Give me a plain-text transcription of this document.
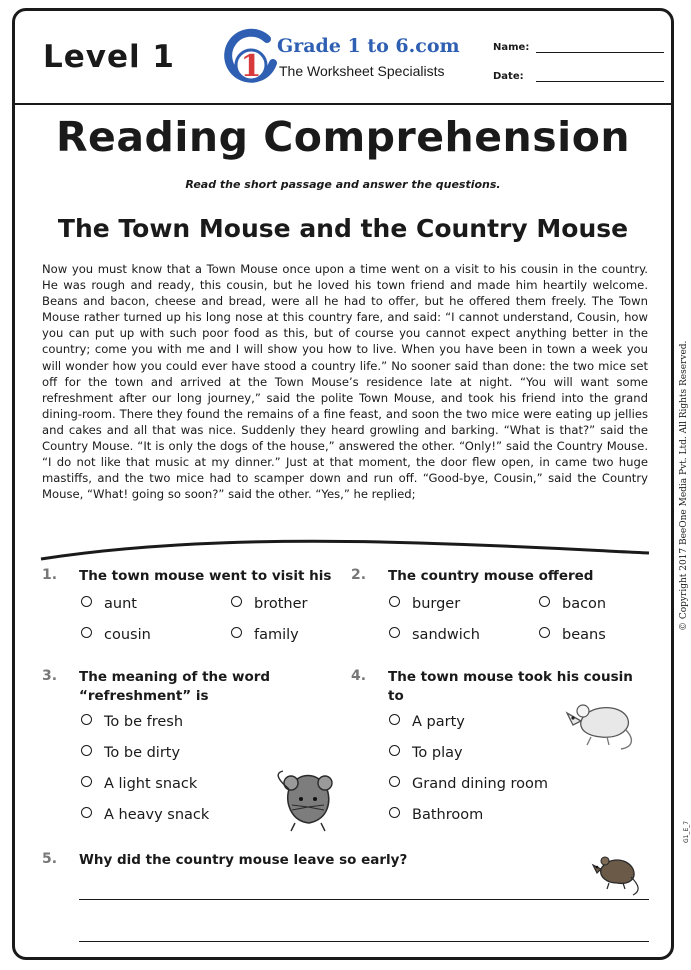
Level 1 1
Grade 1 to 6.com
The Worksheet Specialists
Name:
Date:
Reading Comprehension
Read the short passage and answer the questions.
The Town Mouse and the Country Mouse

Now you must know that a Town Mouse once upon a time went on a visit to his cousin in the country. He was rough and ready, this cousin, but he loved his town friend and made him heartily welcome. Beans and bacon, cheese and bread, were all he had to offer, but he offered them freely. The Town Mouse rather turned up his long nose at this country fare, and said: “I cannot understand, Cousin, how you can put up with such poor food as this, but of course you cannot expect anything better in the country; come you with me and I will show you how to live. When you have been in town a week you will wonder how you could ever have stood a country life.” No sooner said than done: the two mice set off for the town and arrived at the Town Mouse’s residence late at night. “You will want some refreshment after our long journey,” said the polite Town Mouse, and took his friend into the grand dining-room. There they found the remains of a fine feast, and soon the two mice were eating up jellies and cakes and all that was nice. Suddenly they heard growling and barking. “What is that?” said the Country Mouse. “It is only the dogs of the house,” answered the other. “Only!” said the Country Mouse. “I do not like that music at my dinner.” Just at that moment, the door flew open, in came two huge mastiffs, and the two mice had to scamper down and run off. “Good-bye, Cousin,” said the Country Mouse, “What! going so soon?” said the other. “Yes,” he replied;

1. The town mouse went to visit his
aunt	brother
cousin	family
2. The country mouse offered
burger	bacon
sandwich	beans
3. The meaning of the word “refreshment” is
To be fresh
To be dirty
A light snack
A heavy snack
4. The town mouse took his cousin to
A party
To play
Grand dining room
Bathroom
5. Why did the country mouse leave so early?
© Copyright 2017 BeeOne Media Pvt. Ltd. All Rights Reserved.
G1_E_7
